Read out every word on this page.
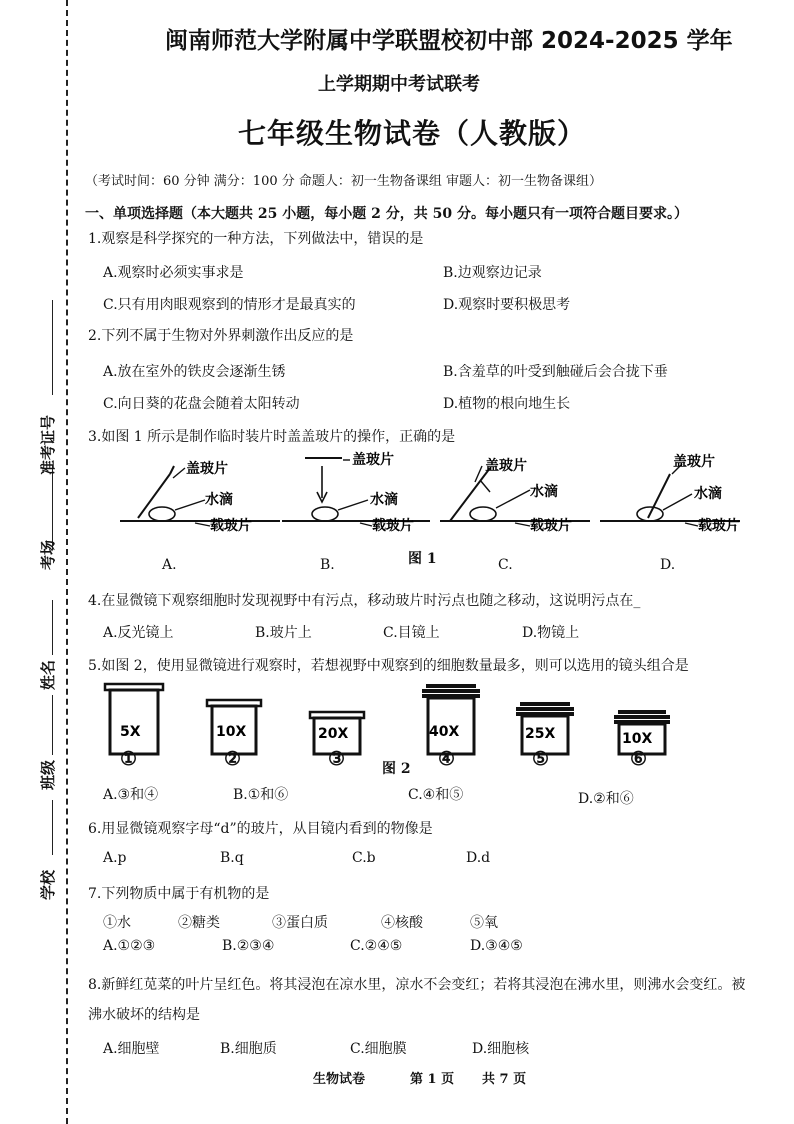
准考证号
考场
姓名
班级
学校
闽南师范大学附属中学联盟校初中部 2024-2025 学年
上学期期中考试联考
七年级生物试卷（人教版）
（考试时间：60 分钟 满分：100 分 命题人：初一生物备课组 审题人：初一生物备课组）
一、单项选择题（本大题共 25 小题，每小题 2 分，共 50 分。每小题只有一项符合题目要求。）
1.观察是科学探究的一种方法，下列做法中，错误的是
A.观察时必须实事求是	B.边观察边记录
C.只有用肉眼观察到的情形才是最真实的	D.观察时要积极思考
2.下列不属于生物对外界刺激作出反应的是
A.放在室外的铁皮会逐渐生锈	B.含羞草的叶受到触碰后会合拢下垂
C.向日葵的花盘会随着太阳转动	D.植物的根向地生长
3.如图 1 所示是制作临时装片时盖盖玻片的操作，正确的是
盖玻片
水滴
载玻片
盖玻片
水滴
载玻片
盖玻片
水滴
载玻片
盖玻片
水滴
载玻片
图 1
A.	B.	C.	D.
4.在显微镜下观察细胞时发现视野中有污点，移动玻片时污点也随之移动，这说明污点在_
A.反光镜上	B.玻片上	C.目镜上	D.物镜上
5.如图 2，使用显微镜进行观察时，若想视野中观察到的细胞数量最多，则可以选用的镜头组合是
5X	10X	20X	40X	25X	10X
①	②	③	④	⑤	⑥
图 2
A.③和④	B.①和⑥	C.④和⑤	D.②和⑥
6.用显微镜观察字母“d”的玻片，从目镜内看到的物像是
A.p	B.q	C.b	D.d
7.下列物质中属于有机物的是
①水	②糖类	③蛋白质	④核酸	⑤氧
A.①②③	B.②③④	C.②④⑤	D.③④⑤
8.新鲜红苋菜的叶片呈红色。将其浸泡在凉水里，凉水不会变红；若将其浸泡在沸水里，则沸水会变红。被
沸水破坏的结构是
A.细胞壁	B.细胞质	C.细胞膜	D.细胞核
生物试卷	第 1 页 共 7 页
